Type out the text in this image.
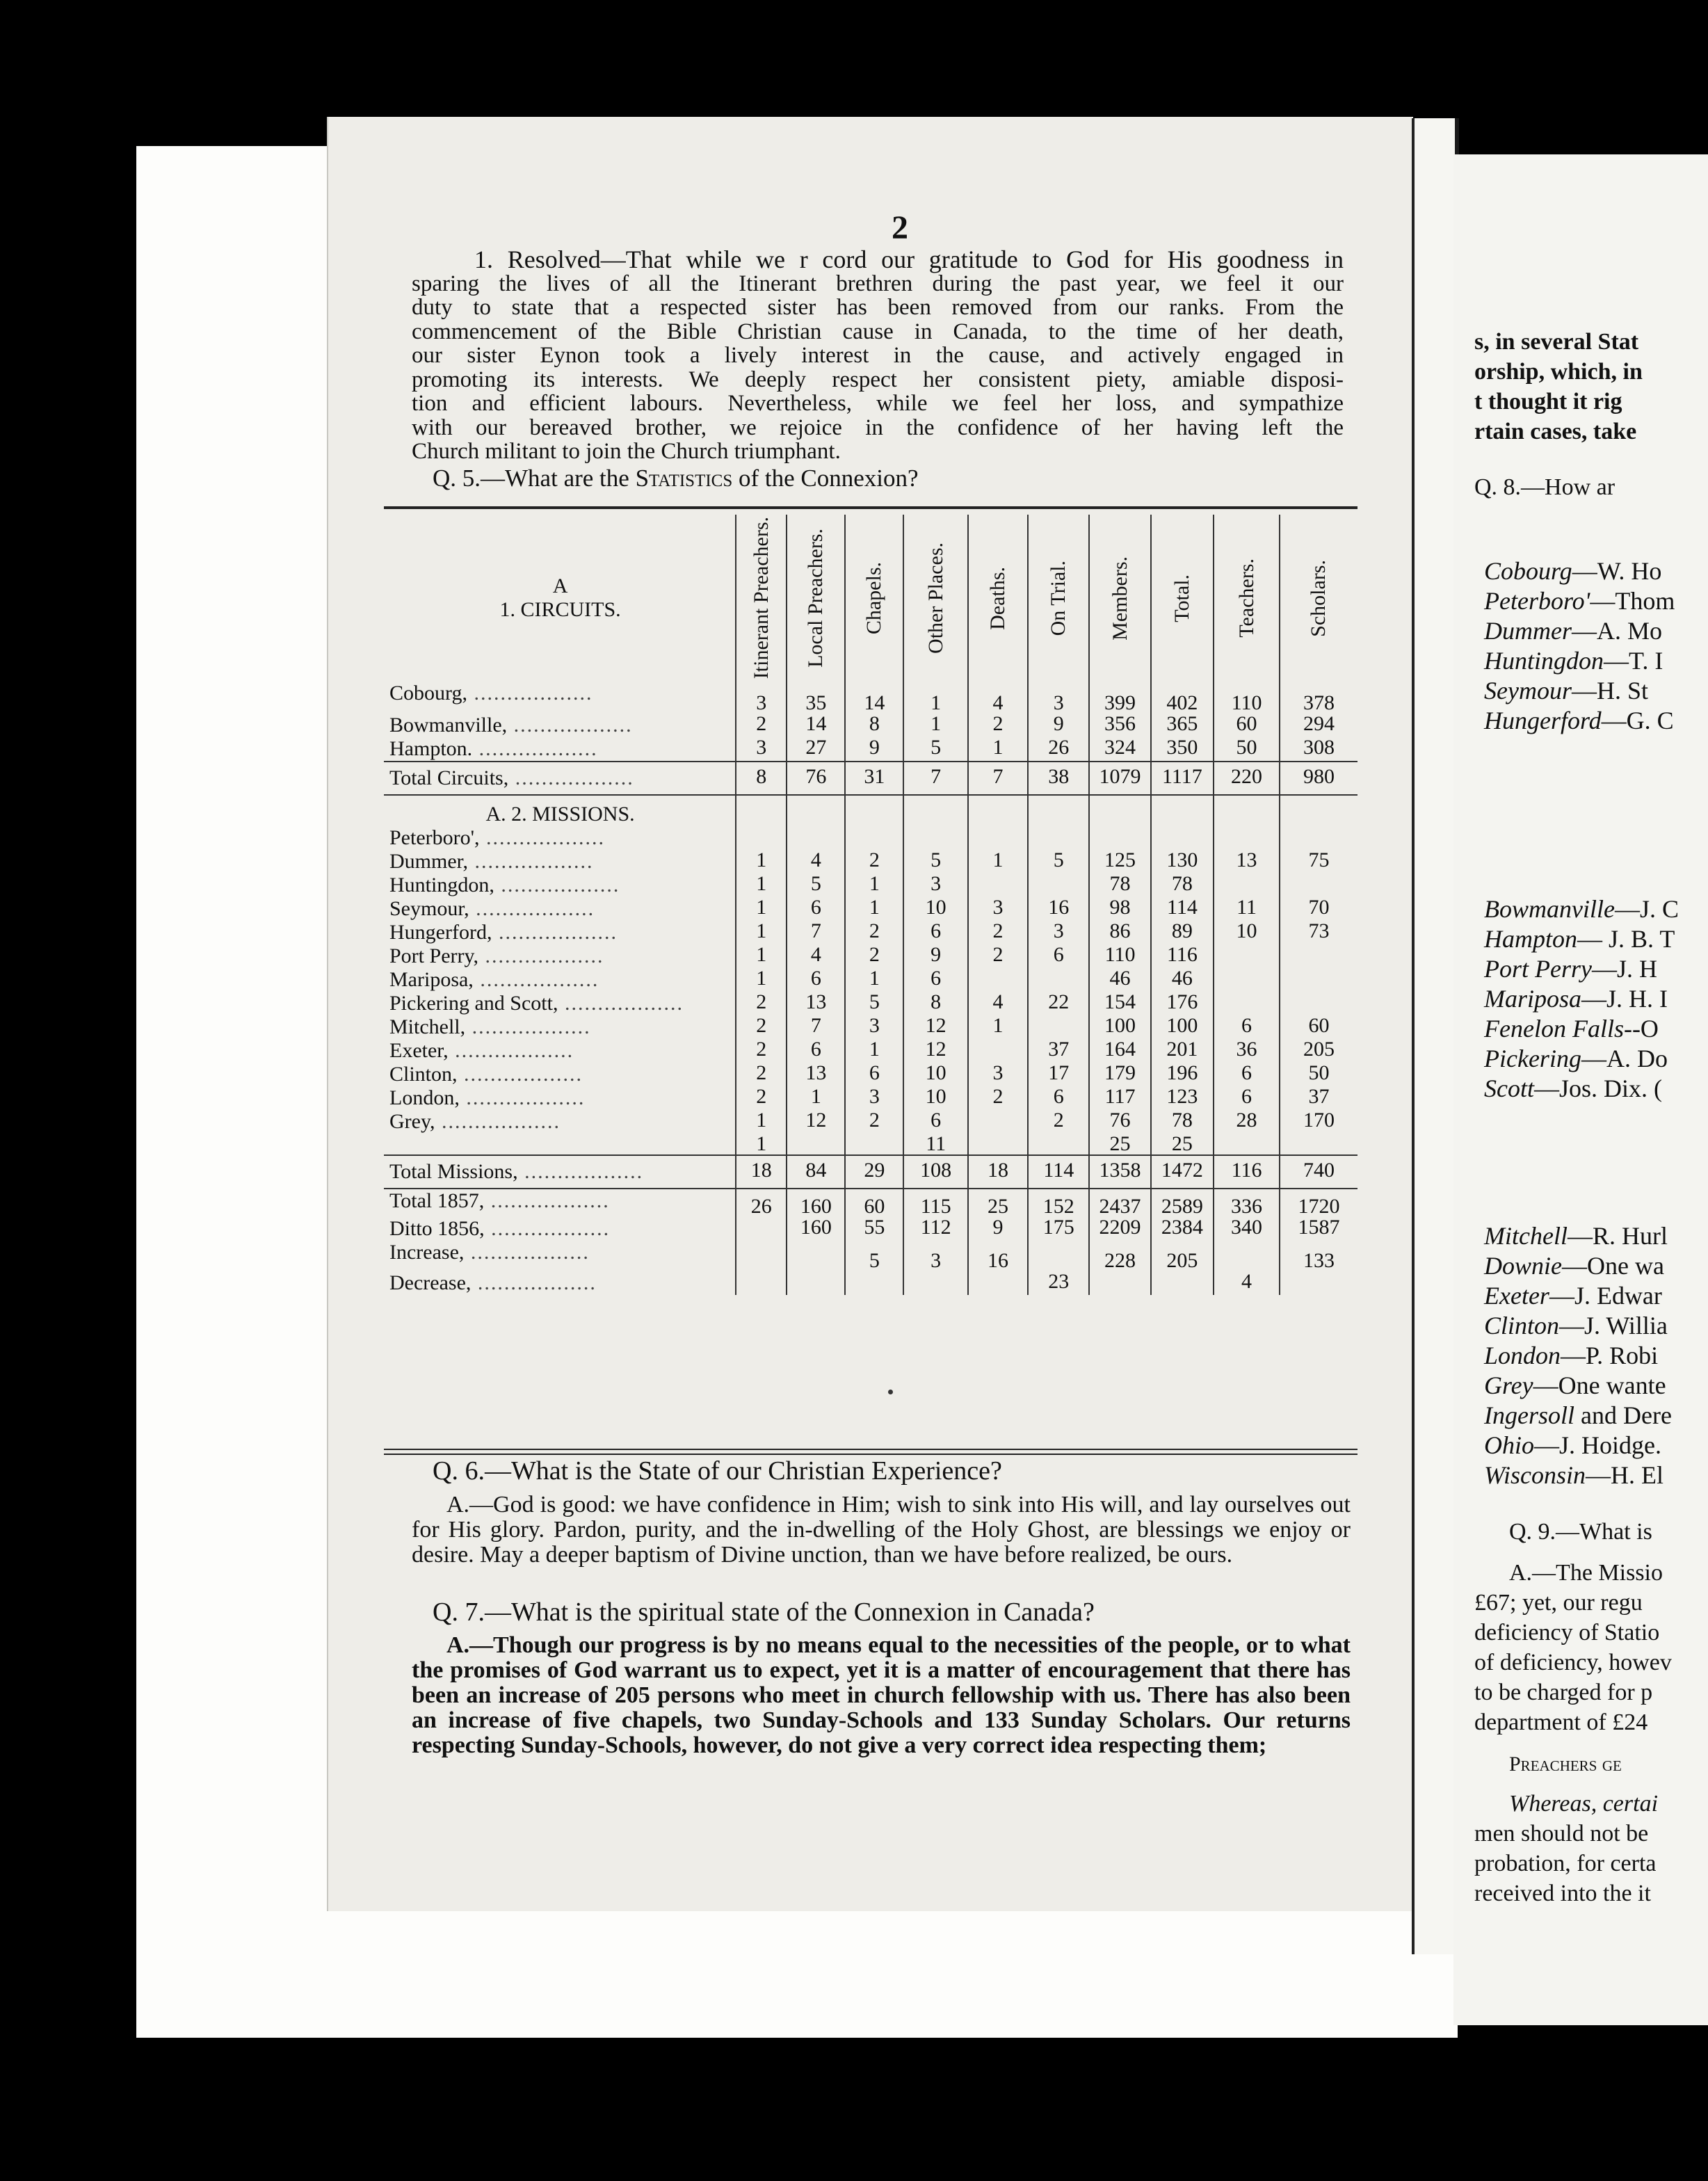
2

1. Resolved—That while we r cord our gratitude to God for His goodness in

sparing the lives of all the Itinerant brethren during the past year, we feel it our

duty to state that a respected sister has been removed from our ranks. From the

commencement of the Bible Christian cause in Canada, to the time of her death,

our sister Eynon took a lively interest in the cause, and actively engaged in

promoting its interests. We deeply respect her consistent piety, amiable disposi-

tion and efficient labours. Nevertheless, while we feel her loss, and sympathize

with our bereaved brother, we rejoice in the confidence of her having left the

Church militant to join the Church triumphant.

Q. 5.—What are the Statistics of the Connexion?
A
1. CIRCUITS.	Itinerant Preachers.	Local Preachers.	Chapels.	Other Places.	Deaths.	On Trial.	Members.	Total.	Teachers.	Scholars.

Cobourg, ..................	3	35	14	1	4	3	399	402	110	378
Bowmanville, ..................	2	14	8	1	2	9	356	365	60	294
Hampton. ..................	3	27	9	5	1	26	324	350	50	308
Total Circuits, ..................	8	76	31	7	7	38	1079	1117	220	980
A. 2. MISSIONS.										
Peterboro', ..................										
Dummer, ..................	1	4	2	5	1	5	125	130	13	75
Huntingdon, ..................	1	5	1	3			78	78		
Seymour, ..................	1	6	1	10	3	16	98	114	11	70
Hungerford, ..................	1	7	2	6	2	3	86	89	10	73
Port Perry, ..................	1	4	2	9	2	6	110	116		
Mariposa, ..................	1	6	1	6			46	46		
Pickering and Scott, ..................	2	13	5	8	4	22	154	176		
Mitchell, ..................	2	7	3	12	1		100	100	6	60
Exeter, ..................	2	6	1	12		37	164	201	36	205
Clinton, ..................	2	13	6	10	3	17	179	196	6	50
London, ..................	2	1	3	10	2	6	117	123	6	37
Grey, ..................	1	12	2	6		2	76	78	28	170
	1			11			25	25		
Total Missions, ..................	18	84	29	108	18	114	1358	1472	116	740
Total 1857, ..................	26	160	60	115	25	152	2437	2589	336	1720
Ditto 1856, ..................		160	55	112	9	175	2209	2384	340	1587
Increase, ..................			5	3	16		228	205		133
Decrease, ..................						23			4	
Q. 6.—What is the State of our Christian Experience?

A.—God is good: we have confidence in Him; wish to sink into His will, and lay ourselves out for His glory. Pardon, purity, and the in-dwelling of the Holy Ghost, are blessings we enjoy or desire. May a deeper baptism of Divine unction, than we have before realized, be ours.

Q. 7.—What is the spiritual state of the Connexion in Canada?

A.—Though our progress is by no means equal to the necessities of the people, or to what the promises of God warrant us to expect, yet it is a matter of encouragement that there has been an increase of 205 persons who meet in church fellowship with us. There has also been an increase of five chapels, two Sunday-Schools and 133 Sunday Scholars. Our returns respecting Sunday-Schools, however, do not give a very correct idea respecting them;

s, in several Stat
orship, which, in
t thought it rig
rtain cases, take
Q. 8.—How ar
Cobourg—W. Ho
Peterboro'—Thom
Dummer—A. Mo
Huntingdon—T. I
Seymour—H. St
Hungerford—G. C
Bowmanville—J. C
Hampton— J. B. T
Port Perry—J. H
Mariposa—J. H. I
Fenelon Falls--O
Pickering—A. Do
Scott—Jos. Dix. (
Mitchell—R. Hurl
Downie—One wa
Exeter—J. Edwar
Clinton—J. Willia
London—P. Robi
Grey—One wante
Ingersoll and Dere
Ohio—J. Hoidge.
Wisconsin—H. El
Q. 9.—What is
A.—The Missio
£67; yet, our regu
deficiency of Statio
of deficiency, howev
to be charged for p
department of £24
Preachers ge
Whereas, certai
men should not be
probation, for certa
received into the it
